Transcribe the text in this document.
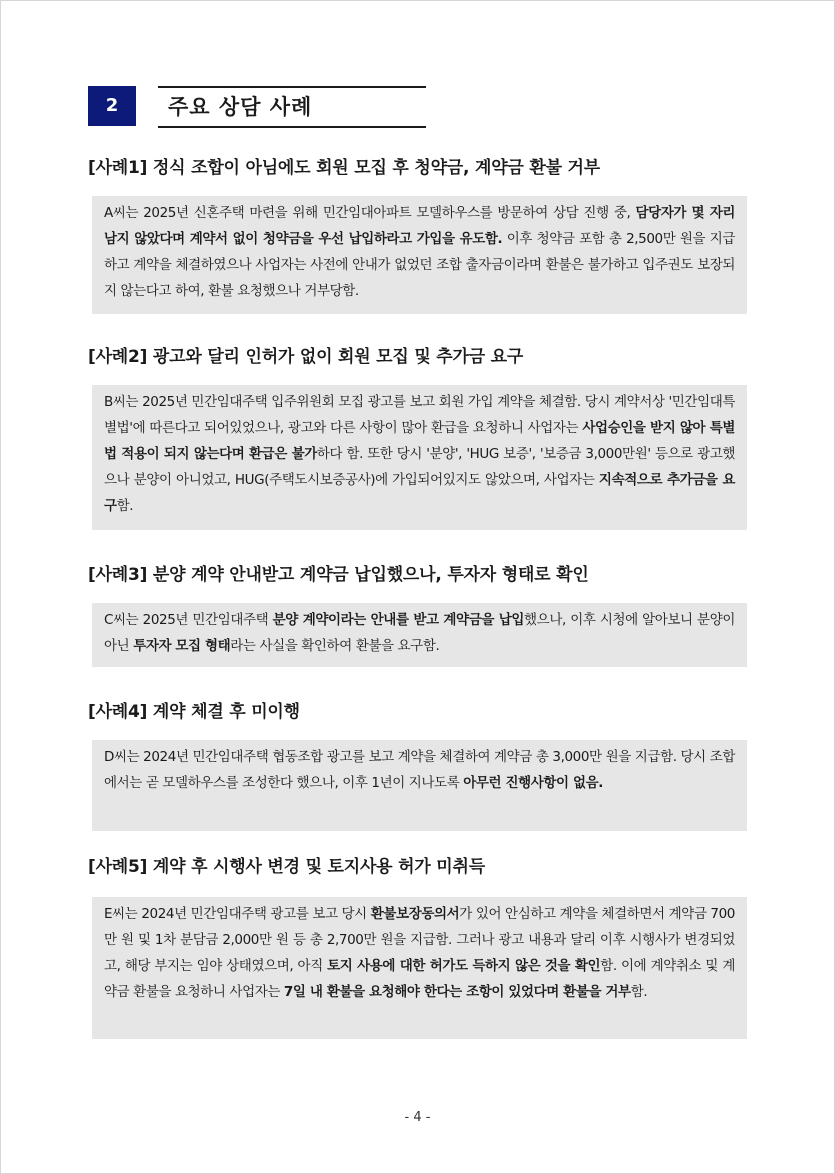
2	주요 상담 사례
[사례1] 정식 조합이 아님에도 회원 모집 후 청약금, 계약금 환불 거부
A씨는 2025년 신혼주택 마련을 위해 민간임대아파트 모델하우스를 방문하여 상담 진행 중, 담당자가 몇 자리 남지 않았다며 계약서 없이 청약금을 우선 납입하라고 가입을 유도함. 이후 청약금 포함 총 2,500만 원을 지급하고 계약을 체결하였으나 사업자는 사전에 안내가 없었던 조합 출자금이라며 환불은 불가하고 입주권도 보장되지 않는다고 하여, 환불 요청했으나 거부당함.
[사례2] 광고와 달리 인허가 없이 회원 모집 및 추가금 요구
B씨는 2025년 민간임대주택 입주위원회 모집 광고를 보고 회원 가입 계약을 체결함. 당시 계약서상 '민간임대특별법'에 따른다고 되어있었으나, 광고와 다른 사항이 많아 환급을 요청하니 사업자는 사업승인을 받지 않아 특별법 적용이 되지 않는다며 환급은 불가하다 함. 또한 당시 '분양', 'HUG 보증', '보증금 3,000만원' 등으로 광고했으나 분양이 아니었고, HUG(주택도시보증공사)에 가입되어있지도 않았으며, 사업자는 지속적으로 추가금을 요구함.
[사례3] 분양 계약 안내받고 계약금 납입했으나, 투자자 형태로 확인
C씨는 2025년 민간임대주택 분양 계약이라는 안내를 받고 계약금을 납입했으나, 이후 시청에 알아보니 분양이 아닌 투자자 모집 형태라는 사실을 확인하여 환불을 요구함.
[사례4] 계약 체결 후 미이행
D씨는 2024년 민간임대주택 협동조합 광고를 보고 계약을 체결하여 계약금 총 3,000만 원을 지급함. 당시 조합에서는 곧 모델하우스를 조성한다 했으나, 이후 1년이 지나도록 아무런 진행사항이 없음.
[사례5] 계약 후 시행사 변경 및 토지사용 허가 미취득
E씨는 2024년 민간임대주택 광고를 보고 당시 환불보장동의서가 있어 안심하고 계약을 체결하면서 계약금 700만 원 및 1차 분담금 2,000만 원 등 총 2,700만 원을 지급함. 그러나 광고 내용과 달리 이후 시행사가 변경되었고, 해당 부지는 임야 상태였으며, 아직 토지 사용에 대한 허가도 득하지 않은 것을 확인함. 이에 계약취소 및 계약금 환불을 요청하니 사업자는 7일 내 환불을 요청해야 한다는 조항이 있었다며 환불을 거부함.
- 4 -
